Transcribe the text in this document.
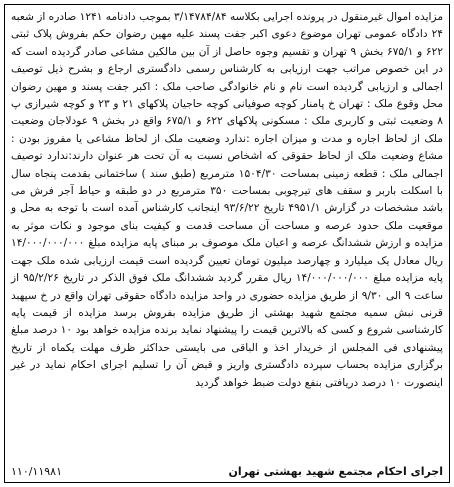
مزایده اموال غیرمنقول در پرونده اجرایی بکلاسه ۳/۱۴۷۸۴/۸۴ بموجب دادنامه ۱۲۴۱ صادره از شعبه ۲۴ دادگاه عمومی تهران موضوع دعوی اکبر جفت پسند علیه مهین رضوان حکم بفروش پلاک ثبتی ۶۲۲ و ۶۷۵/۱ بخش ۹ تهران و تقسیم وجوه حاصل از آن بین مالکین مشاعی صادر گردیده است که در این خصوص مراتب جهت ارزیابی به کارشناس رسمی دادگستری ارجاع و بشرح ذیل توصیف اجمالی و ارزیابی گردیده است نام و نام خانوادگی صاحب ملک : اکبر جفت پسند و مهین رضوان محل وقوع ملک : تهران خ پامنار کوچه صوفیانی کوچه حاجیان پلاکهای ۲۱ و ۲۳ و کوچه شیرازی پ ۸ وضعیت ثبتی و کاربری ملک : مسکونی پلاکهای ۶۲۲ و ۶۷۵/۱ واقع در بخش ۹ عودلاجان وضعیت ملک از لحاظ اجاره و مدت و میزان اجاره :ندارد وضعیت ملک از لحاظ مشاعی یا مفروز بودن : مشاع وضعیت ملک از لحاظ حقوقی که اشخاص نسبت به آن تحت هر عنوان دارند:ندارد توصیف اجمالی ملک : قطعه زمینی بمساحت ۱۵۰۴/۳۰ مترمربع (طبق سند ) ساختمانی بقدمت پنجاه سال با اسکلت باربر و سقف های تیرچوبی بمساحت ۳۵۰ مترمربع در دو طبقه و حیاط آجر فرش می باشد مشخصات در گزارش ۴۹۵۱/۱ تاریخ ۹۳/۶/۲۲ اینجانب کارشناس آمده است با توجه به محل و موقعیت ملک حدود عرصه و مساحت آن مساحت قدمت و کیفیت بنای موجود و نکات موثر به مزایده و ارزش ششدانگ عرصه و اعیان ملک موصوف بر مبنای پایه مزایده مبلغ ۱۴/۰۰۰/۰۰۰/۰۰۰ ریال معادل یک میلیارد و چهارصد میلیون تومان تعیین گردیده است قیمت ارزیابی شده ملک جهت پایه مزایده مبلغ ۱۴/۰۰۰/۰۰۰/۰۰۰ ریال مقرر گردید ششدانگ ملک فوق الذکر در تاریخ ۹۵/۲/۲۶ از ساعت ۹ الی ۹/۳۰ از طریق مزایده حضوری در واحد مزایده دادگاه حقوقی تهران واقع در خ سپهبد قرنی نبش سمیه مجتمع شهید بهشتی از طریق مزایده بفروش برسد مزایده از قیمت پایه کارشناسی شروع و کسی که بالاترین قیمت را پیشنهاد نماید برنده مزایده خواهد بود ۱۰ درصد مبلغ پیشنهادی فی المجلس از خریدار اخذ و الباقی می بایستی حداکثر ظرف مهلت یکماه از تاریخ برگزاری مزایده بحساب سپرده دادگستری واریز و قبض آن را تسلیم اجرای احکام نماید در غیر اینصورت ۱۰ درصد دریافتی بنفع دولت ضبط خواهد گردید

اجرای احکام مجتمع شهید بهشتی تهران
۱۱۰/۱۱۹۸۱
